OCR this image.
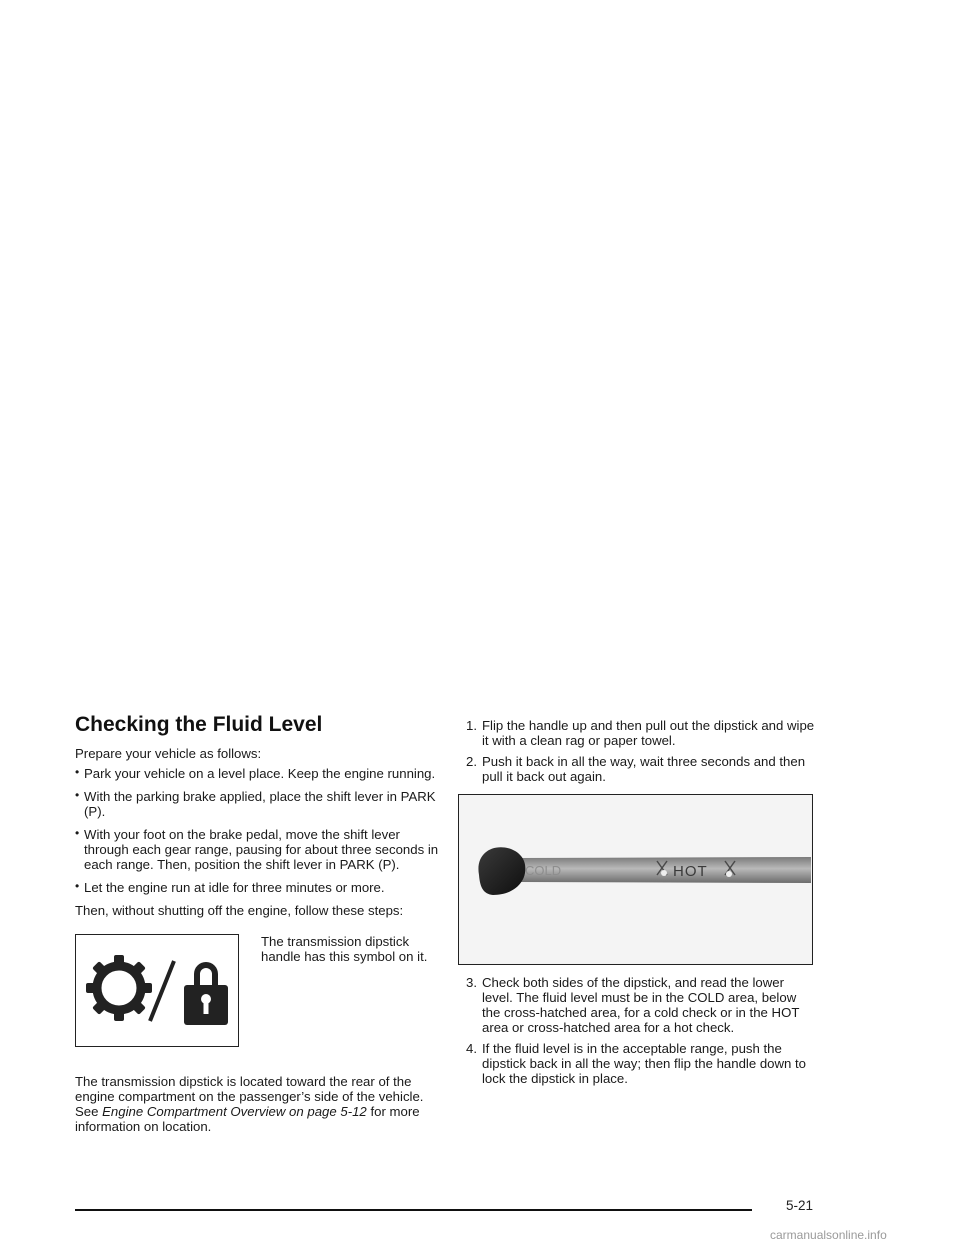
Checking the Fluid Level

Prepare your vehicle as follows:

• Park your vehicle on a level place. Keep the engine running.
• With the parking brake applied, place the shift lever in PARK (P).
• With your foot on the brake pedal, move the shift lever through each gear range, pausing for about three seconds in each range. Then, position the shift lever in PARK (P).
• Let the engine run at idle for three minutes or more.

Then, without shutting off the engine, follow these steps:

The transmission dipstick handle has this symbol on it.

The transmission dipstick is located toward the rear of the engine compartment on the passenger’s side of the vehicle. See Engine Compartment Overview on page 5-12 for more information on location.

1. Flip the handle up and then pull out the dipstick and wipe it with a clean rag or paper towel.
2. Push it back in all the way, wait three seconds and then pull it back out again.
COLD	HOT
3. Check both sides of the dipstick, and read the lower level. The fluid level must be in the COLD area, below the cross-hatched area, for a cold check or in the HOT area or cross-hatched area for a hot check.
4. If the fluid level is in the acceptable range, push the dipstick back in all the way; then flip the handle down to lock the dipstick in place.
5-21
carmanualsonline.info
